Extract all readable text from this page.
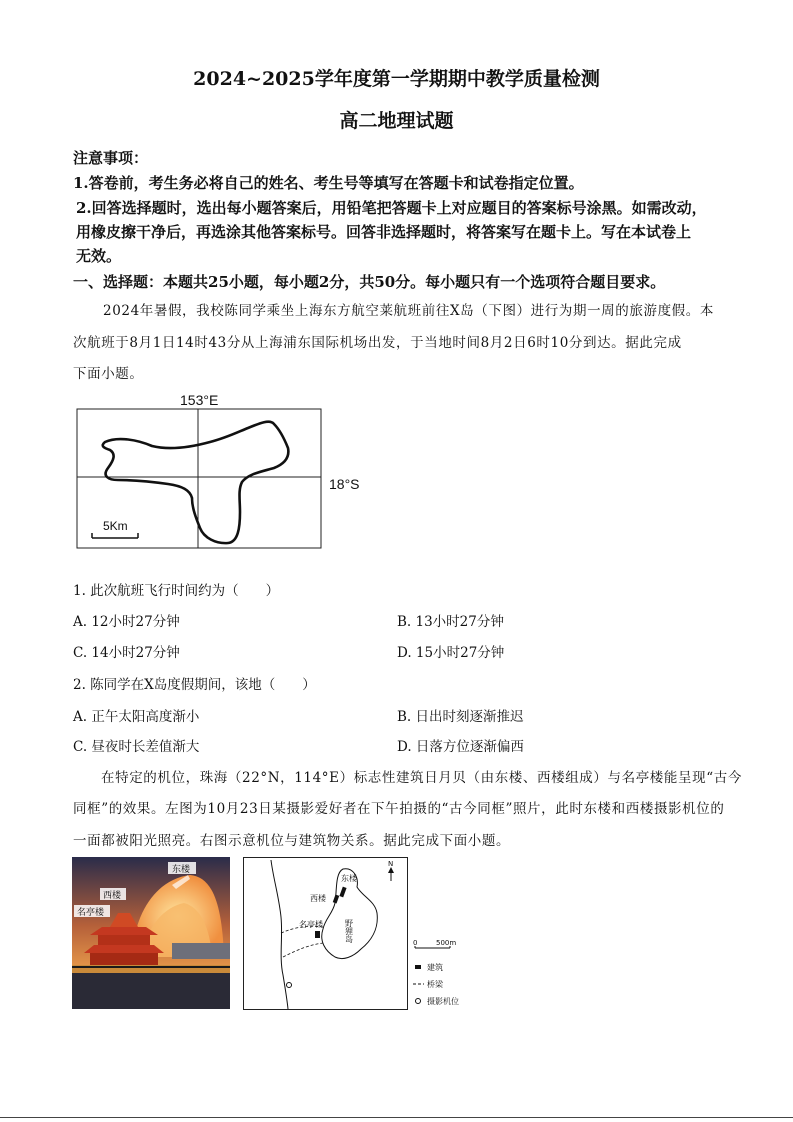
2024~2025学年度第一学期期中教学质量检测
高二地理试题
注意事项：
1.答卷前，考生务必将自己的姓名、考生号等填写在答题卡和试卷指定位置。
2.回答选择题时，选出每小题答案后，用铅笔把答题卡上对应题目的答案标号涂黑。如需改动，
用橡皮擦干净后，再选涂其他答案标号。回答非选择题时，将答案写在题卡上。写在本试卷上
无效。
一、选择题：本题共25小题，每小题2分，共50分。每小题只有一个选项符合题目要求。
2024年暑假，我校陈同学乘坐上海东方航空莱航班前往X岛（下图）进行为期一周的旅游度假。本
次航班于8月1日14时43分从上海浦东国际机场出发，于当地时间8月2日6时10分到达。据此完成
下面小题。
153°E
18°S
5Km
1. 此次航班飞行时间约为（　　）
A. 12小时27分钟	B. 13小时27分钟
C. 14小时27分钟	D. 15小时27分钟
2. 陈同学在X岛度假期间，该地（　　）
A. 正午太阳高度渐小	B. 日出时刻逐渐推迟
C. 昼夜时长差值渐大	D. 日落方位逐渐偏西
在特定的机位，珠海（22°N，114°E）标志性建筑日月贝（由东楼、西楼组成）与名亭楼能呈现“古今
同框”的效果。左图为10月23日某摄影爱好者在下午拍摄的“古今同框”照片，此时东楼和西楼摄影机位的
一面都被阳光照亮。右图示意机位与建筑物关系。据此完成下面小题。
东楼
西楼
名亭楼
N
东楼
西楼
名亭楼	野狸岛	0	500m
建筑
桥梁
摄影机位
